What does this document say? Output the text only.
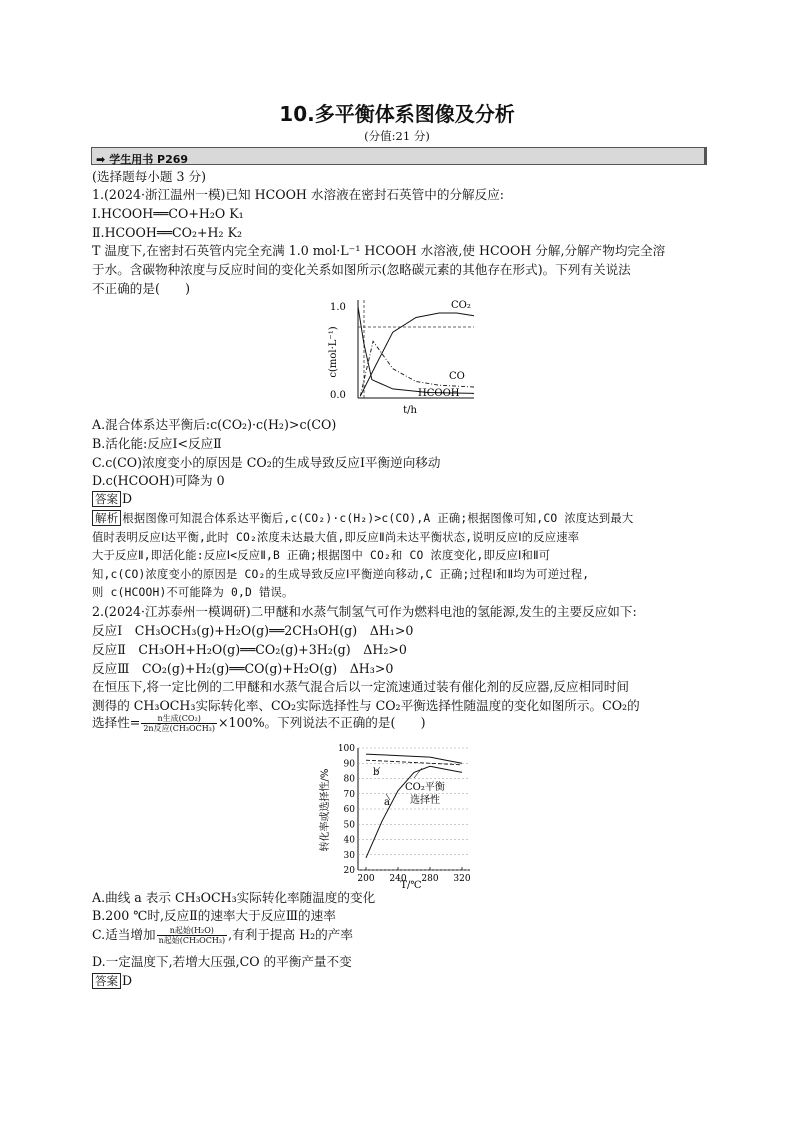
10.多平衡体系图像及分析
(分值:21 分)
➡ 学生用书 P269
(选择题每小题 3 分)
1.(2024·浙江温州一模)已知 HCOOH 水溶液在密封石英管中的分解反应:
Ⅰ.HCOOH══CO+H₂O K₁
Ⅱ.HCOOH══CO₂+H₂ K₂
T 温度下,在密封石英管内完全充满 1.0 mol·L⁻¹ HCOOH 水溶液,使 HCOOH 分解,分解产物均完全溶
于水。含碳物种浓度与反应时间的变化关系如图所示(忽略碳元素的其他存在形式)。下列有关说法
不正确的是(　　)
1.0
0.0
c(mol·L⁻¹)
t/h
CO₂
CO
HCOOH
A.混合体系达平衡后:c(CO₂)·c(H₂)>c(CO)
B.活化能:反应Ⅰ<反应Ⅱ
C.c(CO)浓度变小的原因是 CO₂的生成导致反应Ⅰ平衡逆向移动
D.c(HCOOH)可降为 0
答案 D
解析 根据图像可知混合体系达平衡后,c(CO₂)·c(H₂)>c(CO),A 正确;根据图像可知,CO 浓度达到最大
值时表明反应Ⅰ达平衡,此时 CO₂浓度未达最大值,即反应Ⅱ尚未达平衡状态,说明反应Ⅰ的反应速率
大于反应Ⅱ,即活化能:反应Ⅰ<反应Ⅱ,B 正确;根据图中 CO₂和 CO 浓度变化,即反应Ⅰ和Ⅱ可
知,c(CO)浓度变小的原因是 CO₂的生成导致反应Ⅰ平衡逆向移动,C 正确;过程Ⅰ和Ⅱ均为可逆过程,
则 c(HCOOH)不可能降为 0,D 错误。
2.(2024·江苏泰州一模调研)二甲醚和水蒸气制氢气可作为燃料电池的氢能源,发生的主要反应如下:
反应Ⅰ　CH₃OCH₃(g)+H₂O(g)══2CH₃OH(g)　ΔH₁>0
反应Ⅱ　CH₃OH+H₂O(g)══CO₂(g)+3H₂(g)　ΔH₂>0
反应Ⅲ　CO₂(g)+H₂(g)══CO(g)+H₂O(g)　ΔH₃>0
在恒压下,将一定比例的二甲醚和水蒸气混合后以一定流速通过装有催化剂的反应器,反应相同时间
测得的 CH₃OCH₃实际转化率、CO₂实际选择性与 CO₂平衡选择性随温度的变化如图所示。CO₂的
选择性=	n生成(CO₂)
2n反应(CH₃OCH₃) ×100%。下列说法不正确的是(　　)
100
90
80
70
60
50
40
30
20
200 240 280 320
转化率或选择性/%
T/℃
b
a
CO₂平衡
选择性
A.曲线 a 表示 CH₃OCH₃实际转化率随温度的变化
B.200 ℃时,反应Ⅱ的速率大于反应Ⅲ的速率
C.适当增加	n起始(H₂O)
n起始(CH₃OCH₃) ,有利于提高 H₂的产率
D.一定温度下,若增大压强,CO 的平衡产量不变
答案 D
